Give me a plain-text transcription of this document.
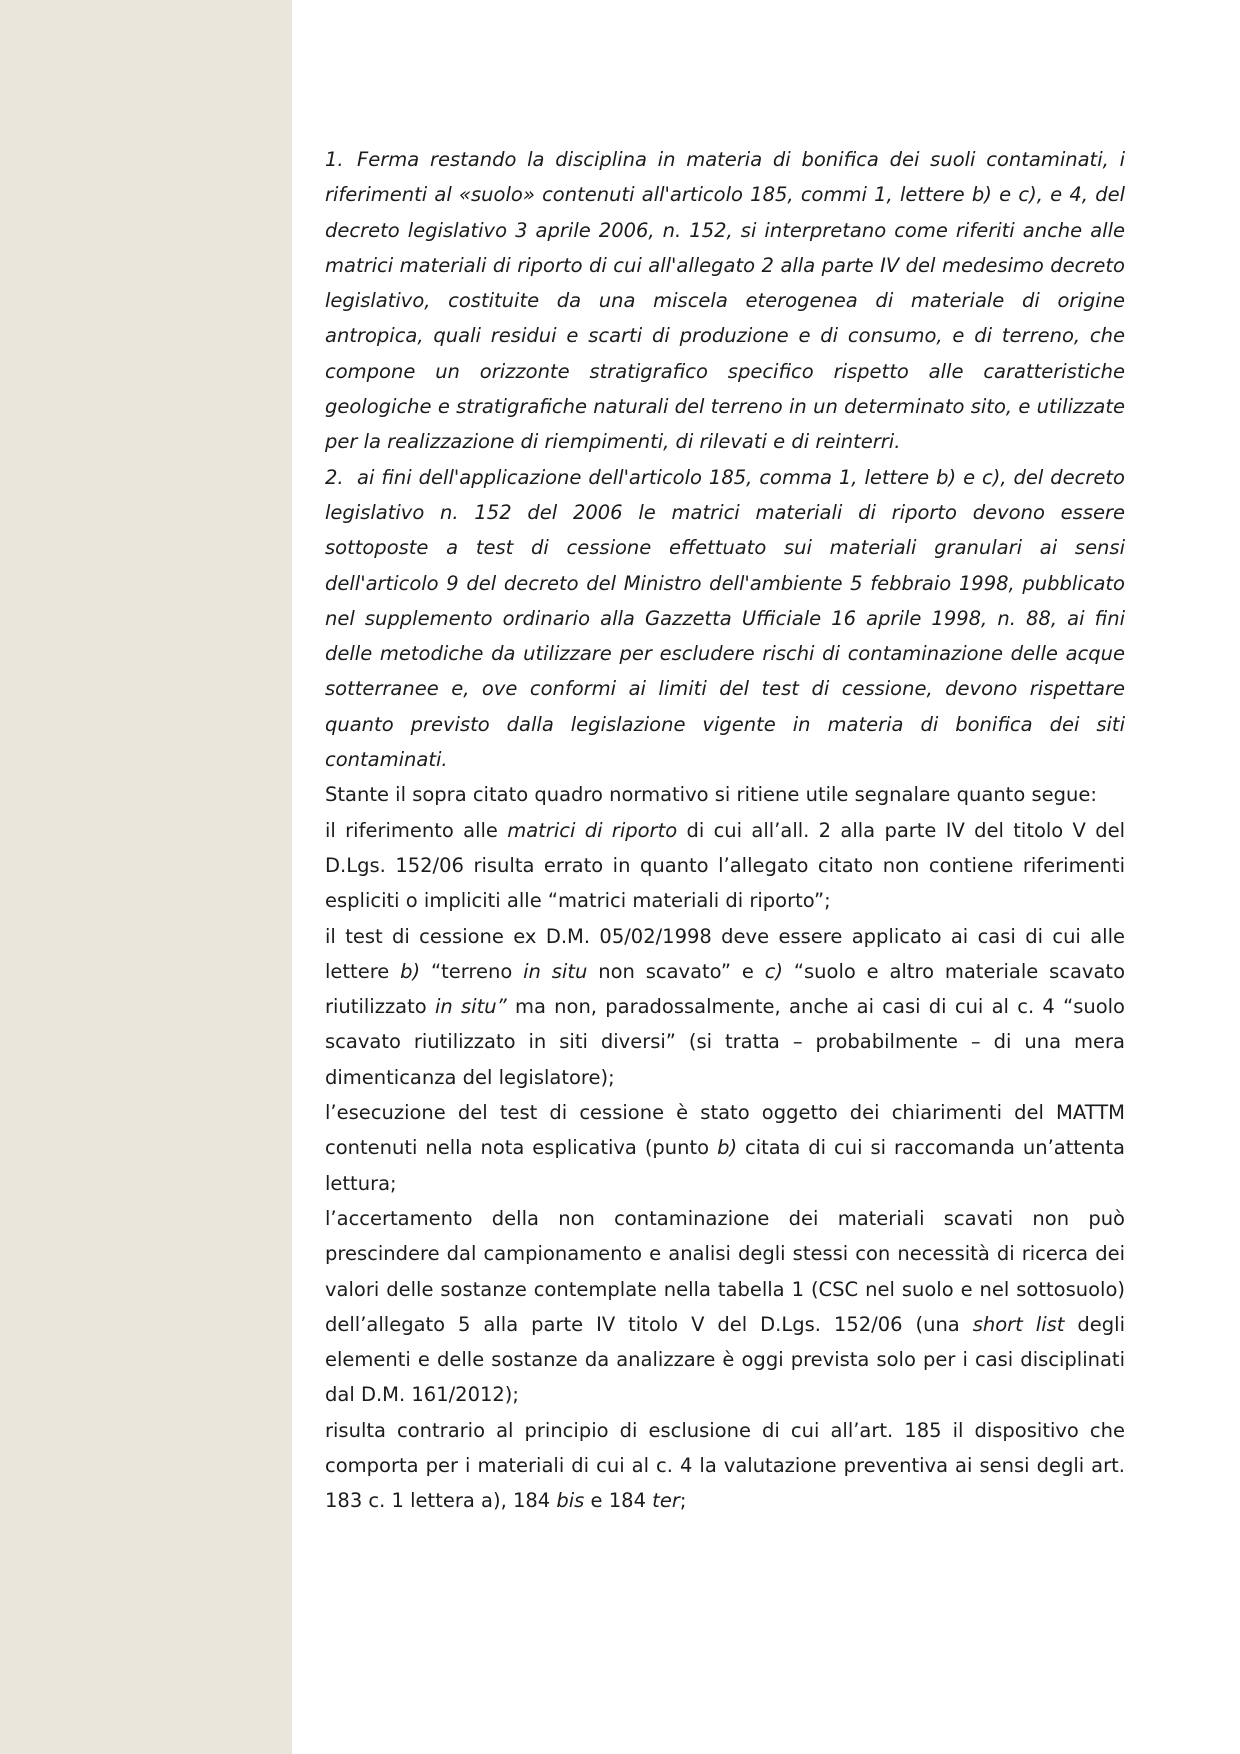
1. Ferma restando la disciplina in materia di bonifica dei suoli contaminati, i riferimenti al «suolo» contenuti all'articolo 185, commi 1, lettere b) e c), e 4, del decreto legislativo 3 aprile 2006, n. 152, si interpretano come riferiti anche alle matrici materiali di riporto di cui all'allegato 2 alla parte IV del medesimo decreto legislativo, costituite da una miscela eterogenea di materiale di origine antropica, quali residui e scarti di produzione e di consumo, e di terreno, che compone un orizzonte stratigrafico specifico rispetto alle caratteristiche geologiche e stratigrafiche naturali del terreno in un determinato sito, e utilizzate per la realizzazione di riempimenti, di rilevati e di reinterri.

2. ai fini dell'applicazione dell'articolo 185, comma 1, lettere b) e c), del decreto legislativo n. 152 del 2006 le matrici materiali di riporto devono essere sottoposte a test di cessione effettuato sui materiali granulari ai sensi dell'articolo 9 del decreto del Ministro dell'ambiente 5 febbraio 1998, pubblicato nel supplemento ordinario alla Gazzetta Ufficiale 16 aprile 1998, n. 88, ai fini delle metodiche da utilizzare per escludere rischi di contaminazione delle acque sotterranee e, ove conformi ai limiti del test di cessione, devono rispettare quanto previsto dalla legislazione vigente in materia di bonifica dei siti contaminati.

Stante il sopra citato quadro normativo si ritiene utile segnalare quanto segue:

il riferimento alle matrici di riporto di cui all’all. 2 alla parte IV del titolo V del D.Lgs. 152/06 risulta errato in quanto l’allegato citato non contiene riferimenti espliciti o impliciti alle “matrici materiali di riporto”;

il test di cessione ex D.M. 05/02/1998 deve essere applicato ai casi di cui alle lettere b) “terreno in situ non scavato” e c) “suolo e altro materiale scavato riutilizzato in situ” ma non, paradossalmente, anche ai casi di cui al c. 4 “suolo scavato riutilizzato in siti diversi” (si tratta – probabilmente – di una mera dimenticanza del legislatore);

l’esecuzione del test di cessione è stato oggetto dei chiarimenti del MATTM contenuti nella nota esplicativa (punto b) citata di cui si raccomanda un’attenta lettura;

l’accertamento della non contaminazione dei materiali scavati non può prescindere dal campionamento e analisi degli stessi con necessità di ricerca dei valori delle sostanze contemplate nella tabella 1 (CSC nel suolo e nel sottosuolo) dell’allegato 5 alla parte IV titolo V del D.Lgs. 152/06 (una short list degli elementi e delle sostanze da analizzare è oggi prevista solo per i casi disciplinati dal D.M. 161/2012);

risulta contrario al principio di esclusione di cui all’art. 185 il dispositivo che comporta per i materiali di cui al c. 4 la valutazione preventiva ai sensi degli art. 183 c. 1 lettera a), 184 bis e 184 ter;
